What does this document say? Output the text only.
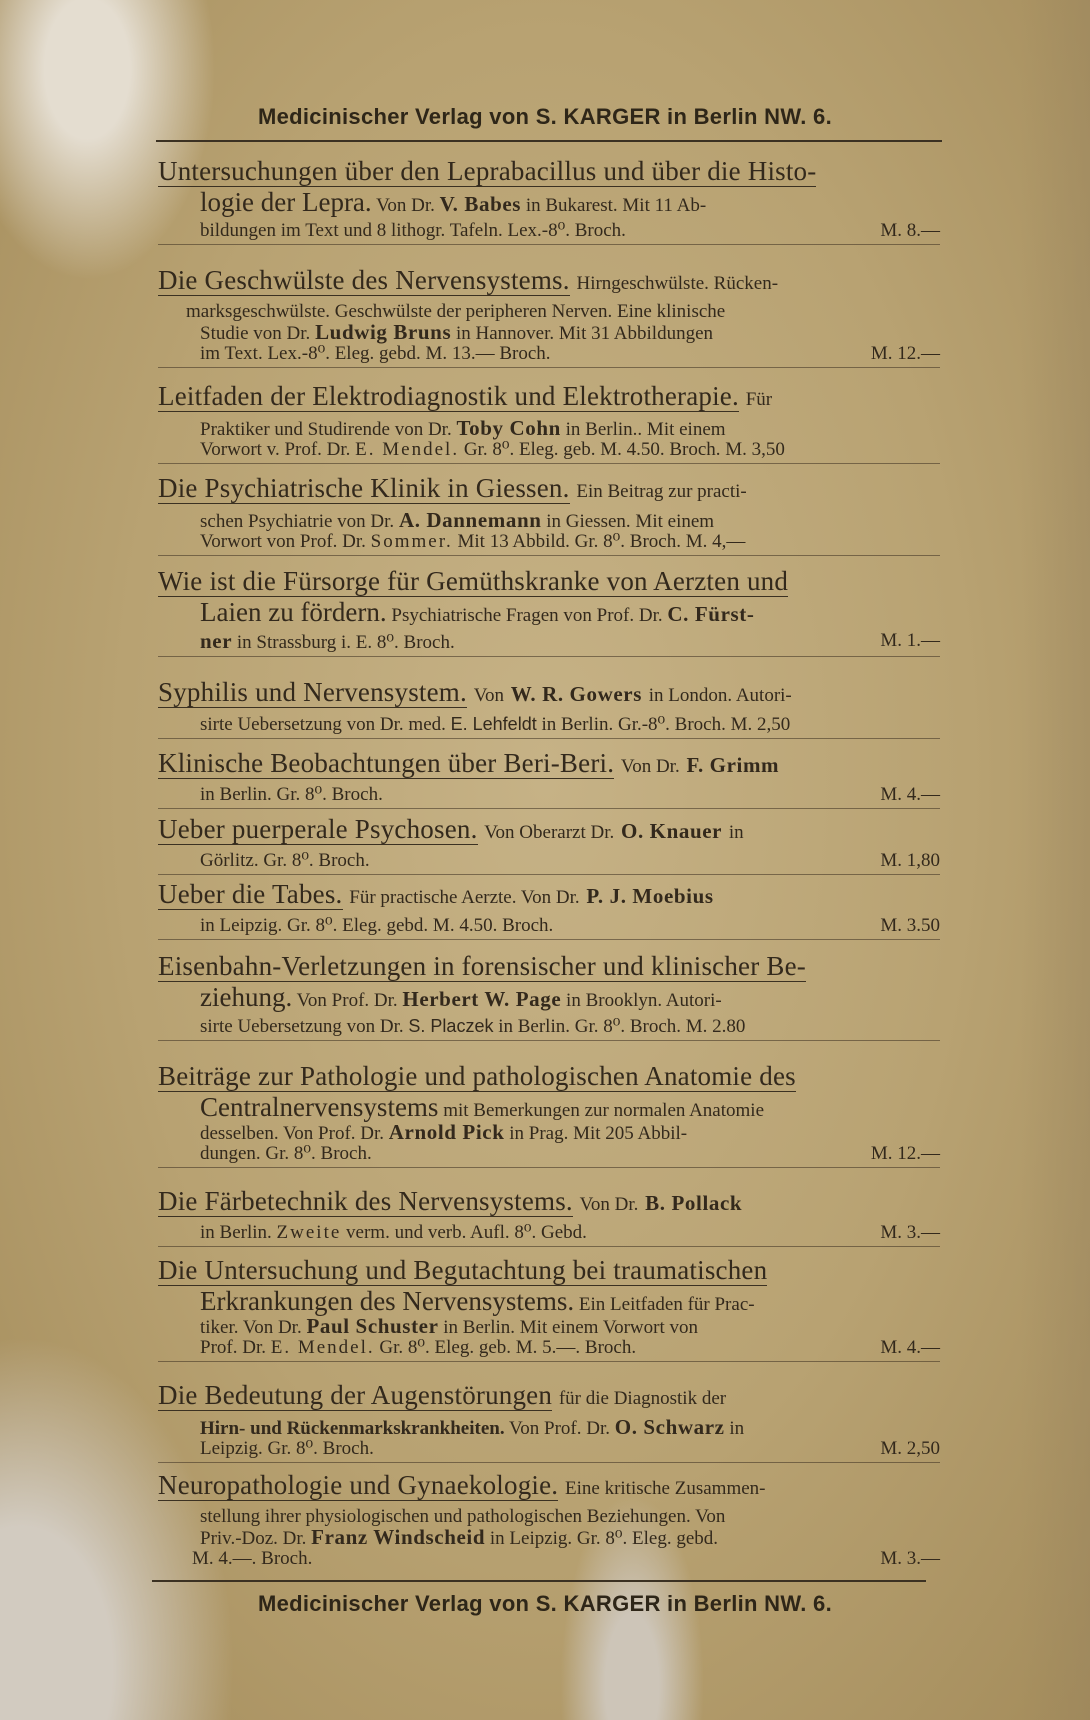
Medicinischer Verlag von S. KARGER in Berlin NW. 6.
Untersuchungen über den Leprabacillus und über die Histo-
logie der Lepra. Von Dr. V. Babes in Bukarest. Mit 11 Ab-
bildungen im Text und 8 lithogr. Tafeln. Lex.-8⁰. Broch.	M. 8.—
Die Geschwülste des Nervensystems. Hirngeschwülste. Rücken-
marksgeschwülste. Geschwülste der peripheren Nerven. Eine klinische
Studie von Dr. Ludwig Bruns in Hannover. Mit 31 Abbildungen
im Text. Lex.-8⁰. Eleg. gebd. M. 13.— Broch.	M. 12.—
Leitfaden der Elektrodiagnostik und Elektrotherapie. Für
Praktiker und Studirende von Dr. Toby Cohn in Berlin.. Mit einem
Vorwort v. Prof. Dr. E. Mendel. Gr. 8⁰. Eleg. geb. M. 4.50. Broch. M. 3,50
Die Psychiatrische Klinik in Giessen. Ein Beitrag zur practi-
schen Psychiatrie von Dr. A. Dannemann in Giessen. Mit einem
Vorwort von Prof. Dr. Sommer. Mit 13 Abbild. Gr. 8⁰. Broch. M. 4,—
Wie ist die Fürsorge für Gemüthskranke von Aerzten und
Laien zu fördern. Psychiatrische Fragen von Prof. Dr. C. Fürst-
ner in Strassburg i. E. 8⁰. Broch.	M. 1.—
Syphilis und Nervensystem. Von W. R. Gowers in London. Autori-
sirte Uebersetzung von Dr. med. E. Lehfeldt in Berlin. Gr.-8⁰. Broch. M. 2,50
Klinische Beobachtungen über Beri-Beri. Von Dr. F. Grimm
in Berlin. Gr. 8⁰. Broch.	M. 4.—
Ueber puerperale Psychosen. Von Oberarzt Dr. O. Knauer in
Görlitz. Gr. 8⁰. Broch.	M. 1,80
Ueber die Tabes. Für practische Aerzte. Von Dr. P. J. Moebius
in Leipzig. Gr. 8⁰. Eleg. gebd. M. 4.50. Broch.	M. 3.50
Eisenbahn-Verletzungen in forensischer und klinischer Be-
ziehung. Von Prof. Dr. Herbert W. Page in Brooklyn. Autori-
sirte Uebersetzung von Dr. S. Placzek in Berlin. Gr. 8⁰. Broch. M. 2.80
Beiträge zur Pathologie und pathologischen Anatomie des
Centralnervensystems mit Bemerkungen zur normalen Anatomie
desselben. Von Prof. Dr. Arnold Pick in Prag. Mit 205 Abbil-
dungen. Gr. 8⁰. Broch.	M. 12.—
Die Färbetechnik des Nervensystems. Von Dr. B. Pollack
in Berlin. Zweite verm. und verb. Aufl. 8⁰. Gebd.	M. 3.—
Die Untersuchung und Begutachtung bei traumatischen
Erkrankungen des Nervensystems. Ein Leitfaden für Prac-
tiker. Von Dr. Paul Schuster in Berlin. Mit einem Vorwort von
Prof. Dr. E. Mendel. Gr. 8⁰. Eleg. geb. M. 5.—. Broch.	M. 4.—
Die Bedeutung der Augenstörungen für die Diagnostik der
Hirn- und Rückenmarkskrankheiten. Von Prof. Dr. O. Schwarz in
Leipzig. Gr. 8⁰. Broch.	M. 2,50
Neuropathologie und Gynaekologie. Eine kritische Zusammen-
stellung ihrer physiologischen und pathologischen Beziehungen. Von
Priv.-Doz. Dr. Franz Windscheid in Leipzig. Gr. 8⁰. Eleg. gebd.
M. 4.—. Broch.	M. 3.—
Medicinischer Verlag von S. KARGER in Berlin NW. 6.
